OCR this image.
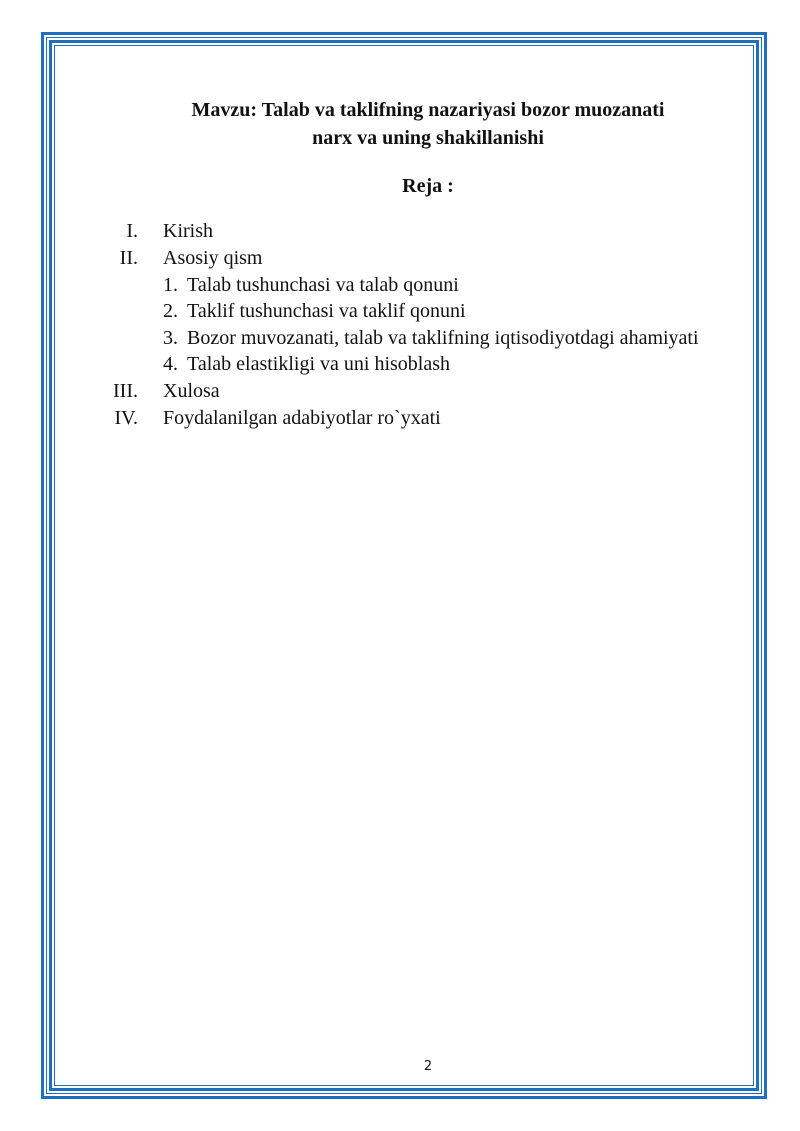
Mavzu: Talab va taklifning nazariyasi bozor muozanati
narx va uning shakillanishi
Reja :
I. Kirish
II. Asosiy qism
1. Talab tushunchasi va talab qonuni
2. Taklif tushunchasi va taklif qonuni
3. Bozor muvozanati, talab va taklifning iqtisodiyotdagi ahamiyati
4. Talab elastikligi va uni hisoblash
III. Xulosa
IV. Foydalanilgan adabiyotlar ro`yxati
2
